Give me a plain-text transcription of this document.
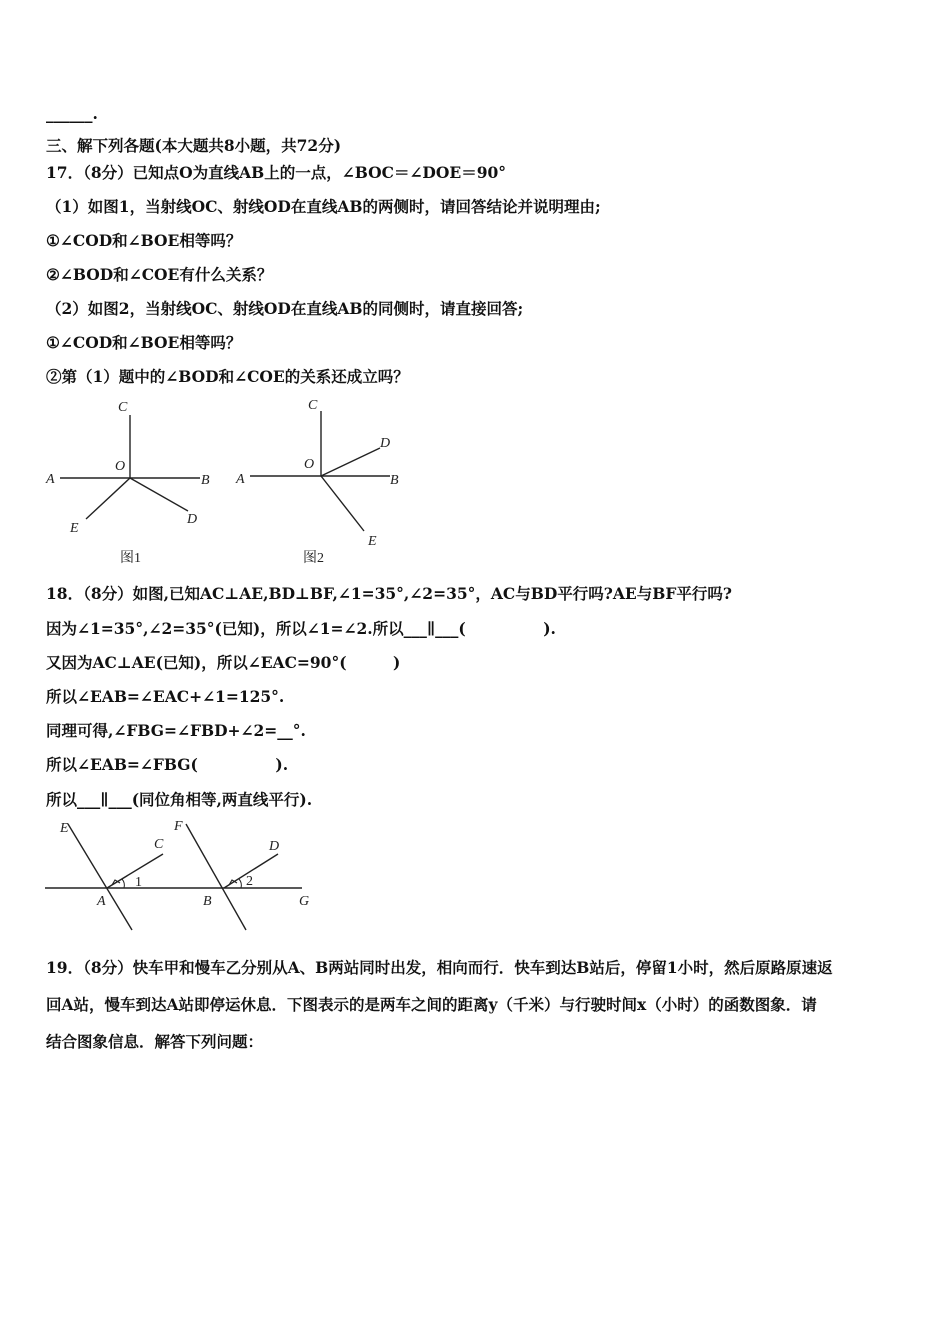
______.
三、解下列各题(本大题共8小题，共72分)
17．（8分）已知点O为直线AB上的一点，∠BOC＝∠DOE＝90°
（1）如图1，当射线OC、射线OD在直线AB的两侧时，请回答结论并说明理由;
①∠COD和∠BOE相等吗？
②∠BOD和∠COE有什么关系？
（2）如图2，当射线OC、射线OD在直线AB的同侧时，请直接回答;
①∠COD和∠BOE相等吗？
②第（1）题中的∠BOD和∠COE的关系还成立吗？
C
O
A	B
E
D
图1
C
D
O
A	B
E
图2
18．（8分）如图,已知AC⊥AE,BD⊥BF,∠1=35°,∠2=35°，AC与BD平行吗?AE与BF平行吗?
因为∠1=35°,∠2=35°(已知)，所以∠1=∠2.所以___∥___(　　　　　).
又因为AC⊥AE(已知)，所以∠EAC=90°(　　　)
所以∠EAB=∠EAC+∠1=125°.
同理可得,∠FBG=∠FBD+∠2=__°.
所以∠EAB=∠FBG(　　　　　).
所以___∥___(同位角相等,两直线平行).
E
C
F
D
1	2
A	B	G
19．（8分）快车甲和慢车乙分别从A、B两站同时出发，相向而行．快车到达B站后，停留1小时，然后原路原速返
回A站，慢车到达A站即停运休息．下图表示的是两车之间的距离y（千米）与行驶时间x（小时）的函数图象．请
结合图象信息．解答下列问题：
